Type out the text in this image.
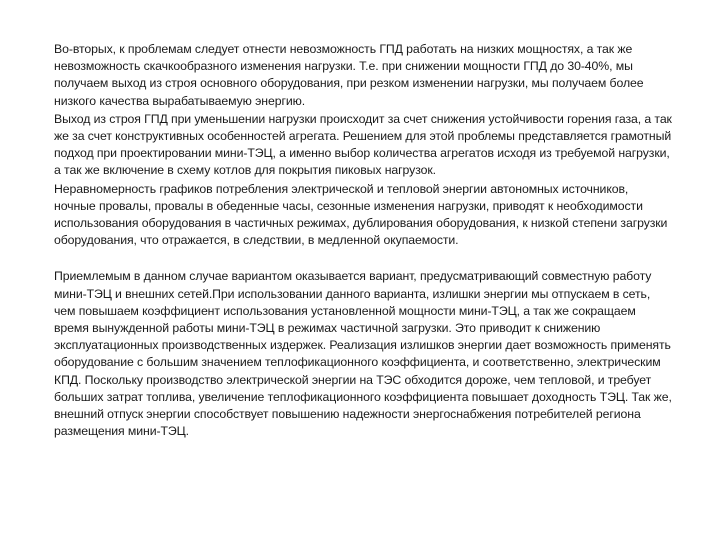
Во-вторых, к проблемам следует отнести невозможность ГПД работать на низких мощностях, а так же невозможность скачкообразного изменения нагрузки. Т.е. при снижении мощности ГПД до 30-40%, мы получаем выход из строя основного оборудования, при резком изменении нагрузки, мы получаем более низкого качества вырабатываемую энергию.

Выход из строя ГПД при уменьшении нагрузки происходит за счет снижения устойчивости горения газа, а так же за счет конструктивных особенностей агрегата. Решением для этой проблемы представляется грамотный подход при проектировании мини-ТЭЦ, а именно выбор количества агрегатов исходя из требуемой нагрузки, а так же включение в схему котлов для покрытия пиковых нагрузок.

Неравномерность графиков потребления электрической и тепловой энергии автономных источников, ночные провалы, провалы в обеденные часы, сезонные изменения нагрузки, приводят к необходимости использования оборудования в частичных режимах, дублирования оборудования, к низкой степени загрузки оборудования, что отражается, в следствии, в медленной окупаемости.

Приемлемым в данном случае вариантом оказывается вариант, предусматривающий совместную работу мини-ТЭЦ и внешних сетей.При использовании данного варианта, излишки энергии мы отпускаем в сеть, чем повышаем коэффициент использования установленной мощности мини-ТЭЦ, а так же сокращаем время вынужденной работы мини-ТЭЦ в режимах частичной загрузки. Это приводит к снижению эксплуатационных производственных издержек. Реализация излишков энергии дает возможность применять оборудование с большим значением теплофикационного коэффициента, и соответственно, электрическим КПД. Поскольку производство электрической энергии на ТЭС обходится дороже, чем тепловой, и требует больших затрат топлива, увеличение теплофикационного коэффициента повышает доходность ТЭЦ. Так же, внешний отпуск энергии способствует повышению надежности энергоснабжения потребителей региона размещения мини-ТЭЦ.
